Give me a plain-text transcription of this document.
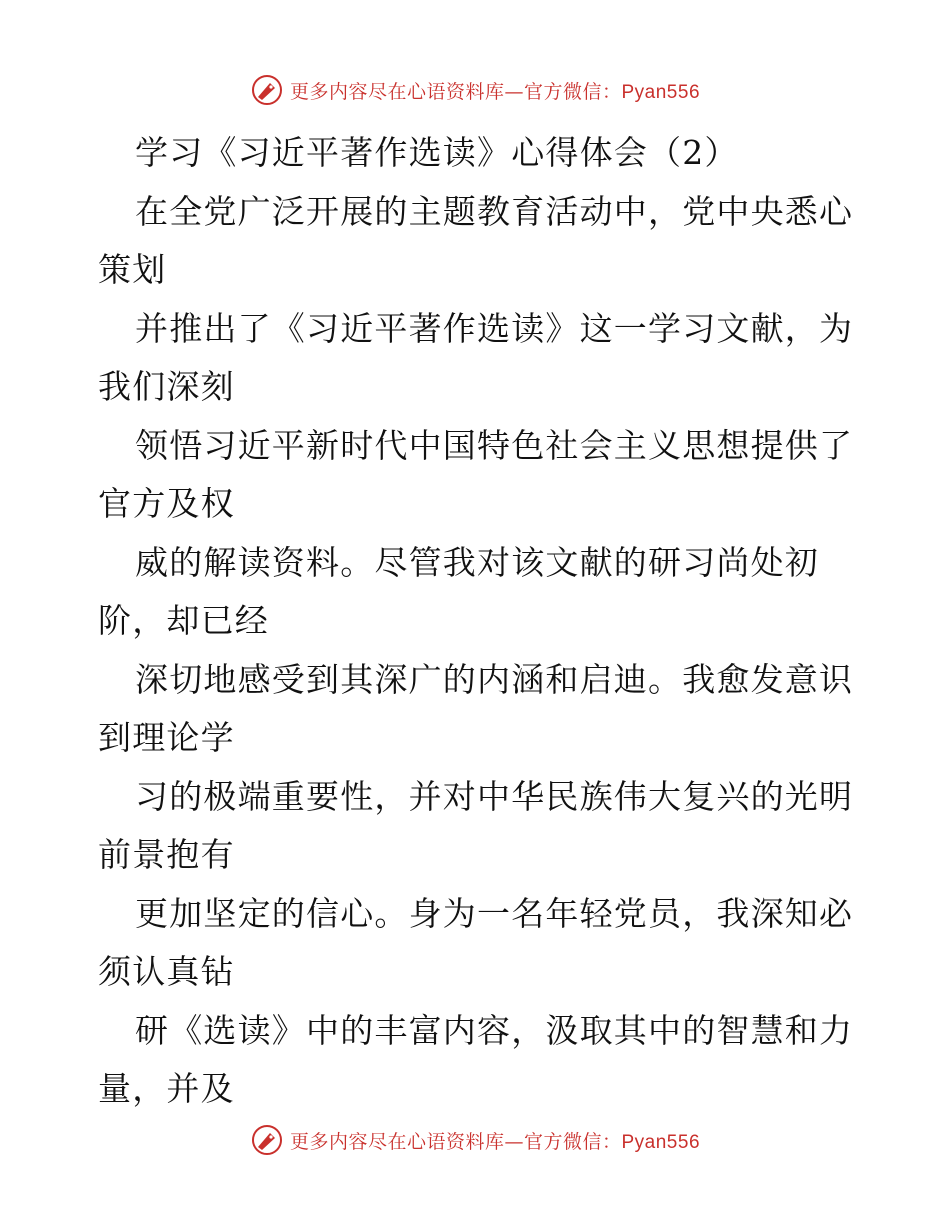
更多内容尽在心语资料库—官方微信：Pyan556
学习《习近平著作选读》心得体会（2）
在全党广泛开展的主题教育活动中，党中央悉心
策划
并推出了《习近平著作选读》这一学习文献，为
我们深刻
领悟习近平新时代中国特色社会主义思想提供了
官方及权
威的解读资料。尽管我对该文献的研习尚处初
阶，却已经
深切地感受到其深广的内涵和启迪。我愈发意识
到理论学
习的极端重要性，并对中华民族伟大复兴的光明
前景抱有
更加坚定的信心。身为一名年轻党员，我深知必
须认真钻
研《选读》中的丰富内容，汲取其中的智慧和力
量，并及
更多内容尽在心语资料库—官方微信：Pyan556
